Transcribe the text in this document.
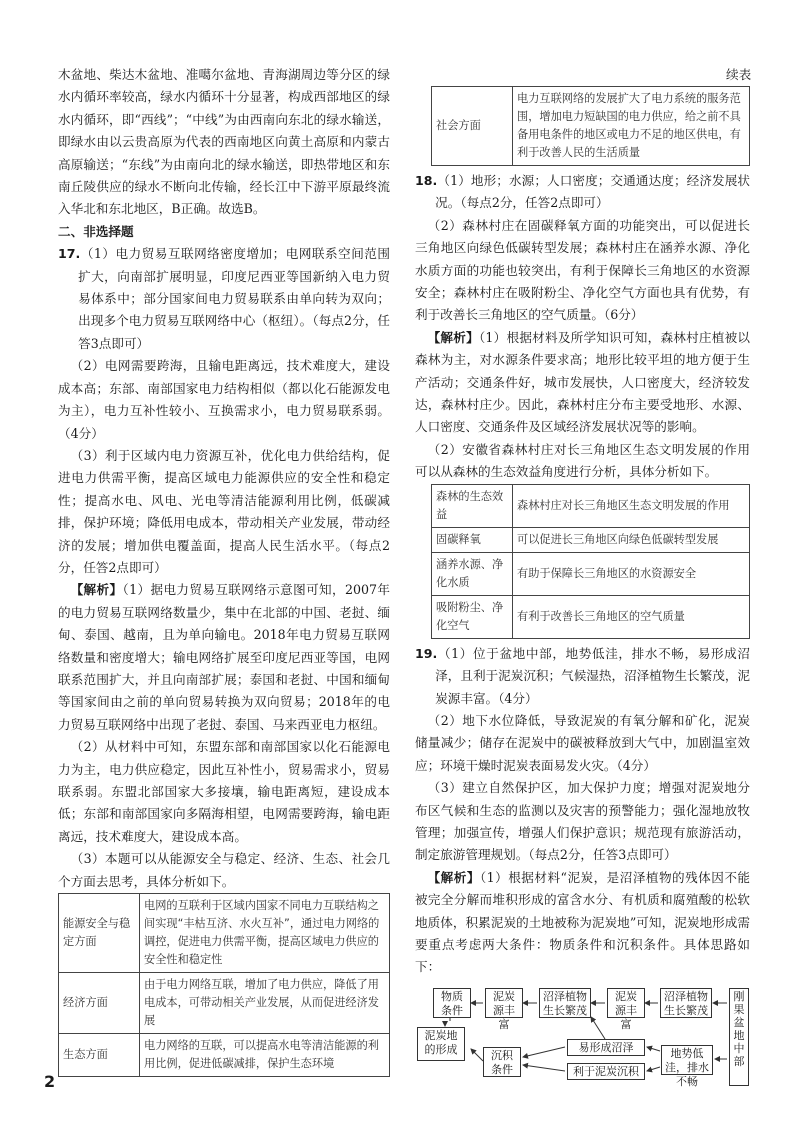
续表

木盆地、柴达木盆地、准噶尔盆地、青海湖周边等分区的绿水内循环率较高，绿水内循环十分显著，构成西部地区的绿水内循环，即“西线”；“中线”为由西南向东北的绿水输送，即绿水由以云贵高原为代表的西南地区向黄土高原和内蒙古高原输送；“东线”为由南向北的绿水输送，即热带地区和东南丘陵供应的绿水不断向北传输，经长江中下游平原最终流入华北和东北地区，B正确。故选B。

二、非选择题

17.（1）电力贸易互联网络密度增加；电网联系空间范围扩大，向南部扩展明显，印度尼西亚等国新纳入电力贸易体系中；部分国家间电力贸易联系由单向转为双向；出现多个电力贸易互联网络中心（枢纽）。（每点2分，任答3点即可）

（2）电网需要跨海，且输电距离远，技术难度大，建设成本高；东部、南部国家电力结构相似（都以化石能源发电为主），电力互补性较小、互换需求小，电力贸易联系弱。（4分）

（3）利于区域内电力资源互补，优化电力供给结构，促进电力供需平衡，提高区域电力能源供应的安全性和稳定性；提高水电、风电、光电等清洁能源利用比例，低碳减排，保护环境；降低用电成本，带动相关产业发展，带动经济的发展；增加供电覆盖面，提高人民生活水平。（每点2分，任答2点即可）

【解析】（1）据电力贸易互联网络示意图可知，2007年的电力贸易互联网络数量少，集中在北部的中国、老挝、缅甸、泰国、越南，且为单向输电。2018年电力贸易互联网络数量和密度增大；输电网络扩展至印度尼西亚等国，电网联系范围扩大，并且向南部扩展；泰国和老挝、中国和缅甸等国家间由之前的单向贸易转换为双向贸易；2018年的电力贸易互联网络中出现了老挝、泰国、马来西亚电力枢纽。

（2）从材料中可知，东盟东部和南部国家以化石能源电力为主，电力供应稳定，因此互补性小，贸易需求小，贸易联系弱。东盟北部国家大多接壤，输电距离短，建设成本低；东部和南部国家向多隔海相望，电网需要跨海，输电距离远，技术难度大，建设成本高。

（3）本题可以从能源安全与稳定、经济、生态、社会几个方面去思考，具体分析如下。

能源安全与稳定方面	电网的互联利于区域内国家不同电力互联结构之间实现“丰枯互济、水火互补”，通过电力网络的调控，促进电力供需平衡，提高区域电力供应的安全性和稳定性
经济方面	由于电力网络互联，增加了电力供应，降低了用电成本，可带动相关产业发展，从而促进经济发展
生态方面	电力网络的互联，可以提高水电等清洁能源的利用比例，促进低碳减排，保护生态环境
社会方面	电力互联网络的发展扩大了电力系统的服务范围，增加电力短缺国的电力供应，给之前不具备用电条件的地区或电力不足的地区供电，有利于改善人民的生活质量

18.（1）地形；水源；人口密度；交通通达度；经济发展状况。（每点2分，任答2点即可）

（2）森林村庄在固碳释氧方面的功能突出，可以促进长三角地区向绿色低碳转型发展；森林村庄在涵养水源、净化水质方面的功能也较突出，有利于保障长三角地区的水资源安全；森林村庄在吸附粉尘、净化空气方面也具有优势，有利于改善长三角地区的空气质量。（6分）

【解析】（1）根据材料及所学知识可知，森林村庄植被以森林为主，对水源条件要求高；地形比较平坦的地方便于生产活动；交通条件好，城市发展快，人口密度大，经济较发达，森林村庄少。因此，森林村庄分布主要受地形、水源、人口密度、交通条件及区域经济发展状况等的影响。

（2）安徽省森林村庄对长三角地区生态文明发展的作用可以从森林的生态效益角度进行分析，具体分析如下。

森林的生态效益	森林村庄对长三角地区生态文明发展的作用
固碳释氧	可以促进长三角地区向绿色低碳转型发展
涵养水源、净化水质	有助于保障长三角地区的水资源安全
吸附粉尘、净化空气	有利于改善长三角地区的空气质量

19.（1）位于盆地中部，地势低洼，排水不畅，易形成沼泽，且利于泥炭沉积；气候湿热，沼泽植物生长繁茂，泥炭源丰富。（4分）

（2）地下水位降低，导致泥炭的有氧分解和矿化，泥炭储量减少；储存在泥炭中的碳被释放到大气中，加剧温室效应；环境干燥时泥炭表面易发火灾。（4分）

（3）建立自然保护区，加大保护力度；增强对泥炭地分布区气候和生态的监测以及灾害的预警能力；强化湿地放牧管理；加强宣传，增强人们保护意识；规范现有旅游活动，制定旅游管理规划。（每点2分，任答3点即可）

【解析】（1）根据材料“泥炭，是沼泽植物的残体因不能被完全分解而堆积形成的富含水分、有机质和腐殖酸的松软地质体，积累泥炭的土地被称为泥炭地”可知，泥炭地形成需要重点考虑两大条件：物质条件和沉积条件。具体思路如下：

泥炭地的形成
物质条件
泥炭源丰富
沼泽植物生长繁茂
泥炭源丰富
沼泽植物生长繁茂
刚果盆地中部
沉积条件
易形成沼泽
利于泥炭沉积
地势低洼，排水不畅
2
